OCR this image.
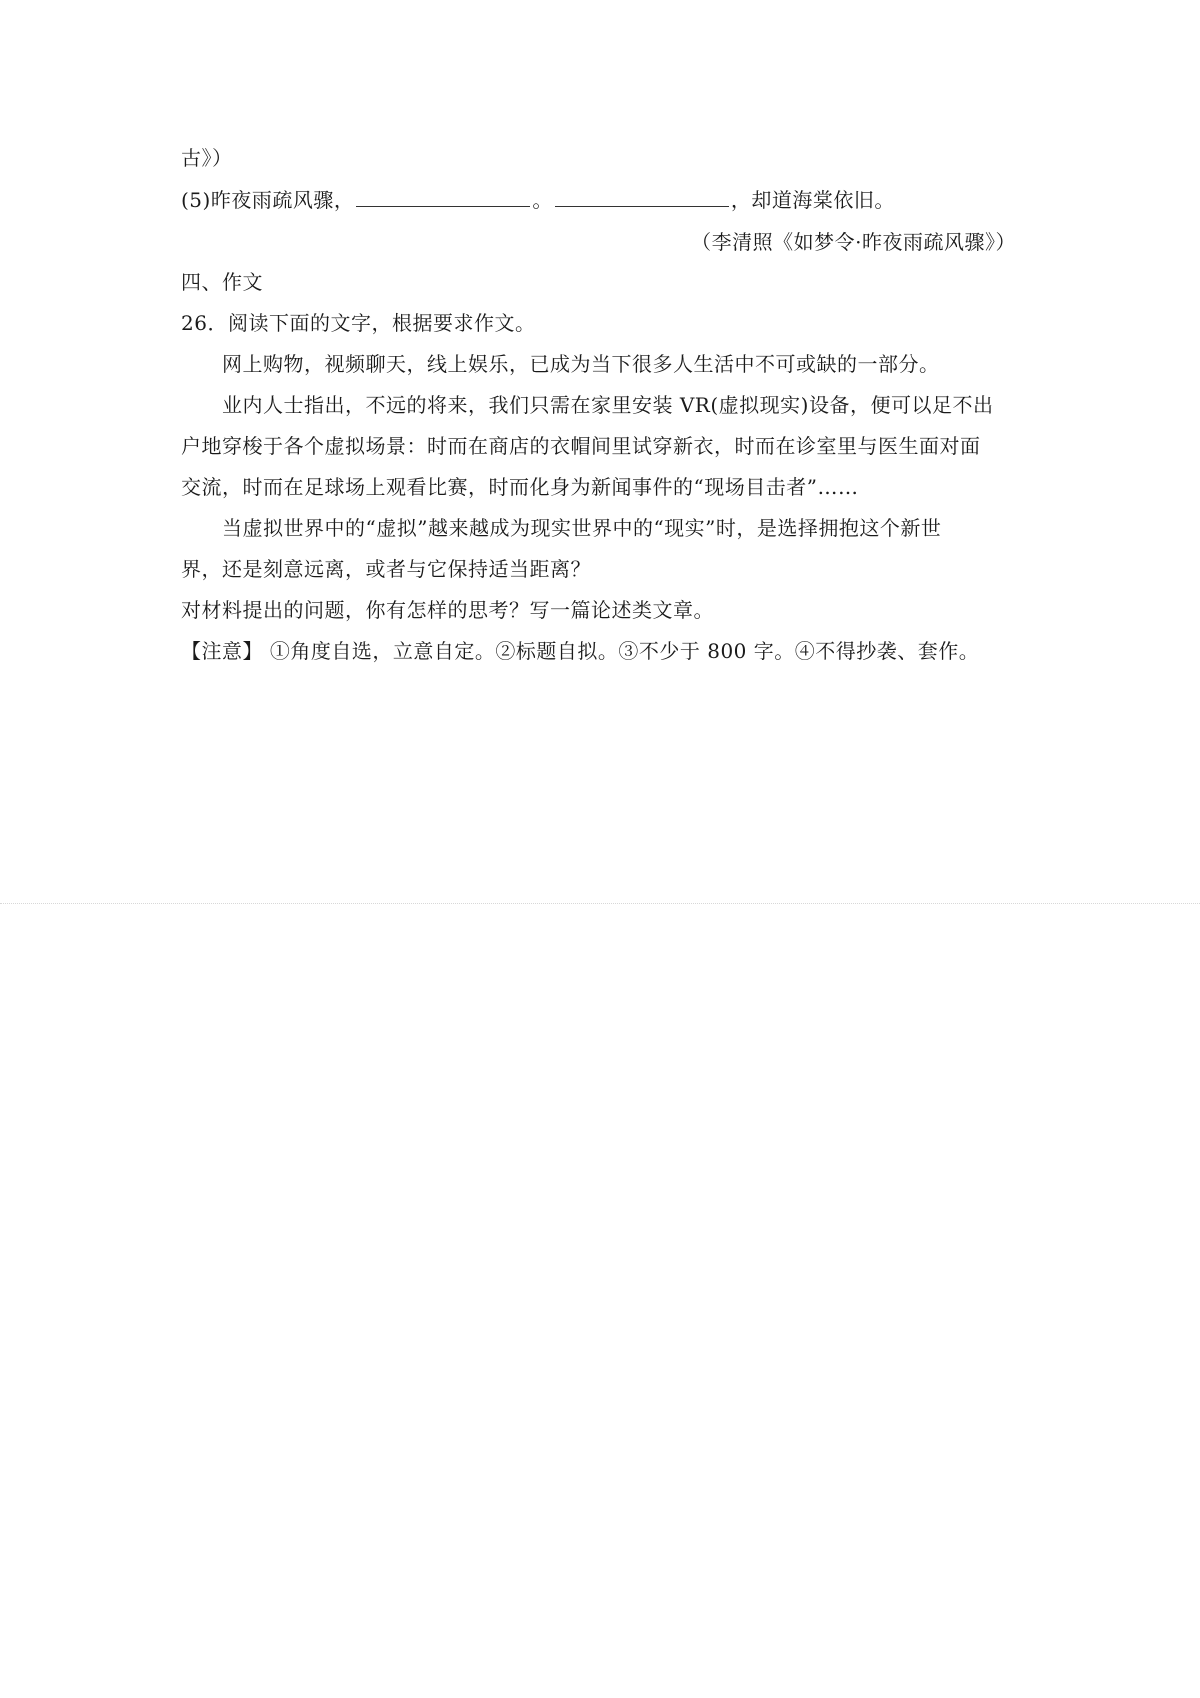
古》）
(5)昨夜雨疏风骤，	。	，却道海棠依旧。
（李清照《如梦令·昨夜雨疏风骤》）
四、作文
26．阅读下面的文字，根据要求作文。
网上购物，视频聊天，线上娱乐，已成为当下很多人生活中不可或缺的一部分。
业内人士指出，不远的将来，我们只需在家里安装 VR(虚拟现实)设备，便可以足不出
户地穿梭于各个虚拟场景：时而在商店的衣帽间里试穿新衣，时而在诊室里与医生面对面
交流，时而在足球场上观看比赛，时而化身为新闻事件的“现场目击者”……
当虚拟世界中的“虚拟”越来越成为现实世界中的“现实”时，是选择拥抱这个新世
界，还是刻意远离，或者与它保持适当距离？
对材料提出的问题，你有怎样的思考？写一篇论述类文章。
【注意】 ①角度自选，立意自定。②标题自拟。③不少于 800 字。④不得抄袭、套作。
